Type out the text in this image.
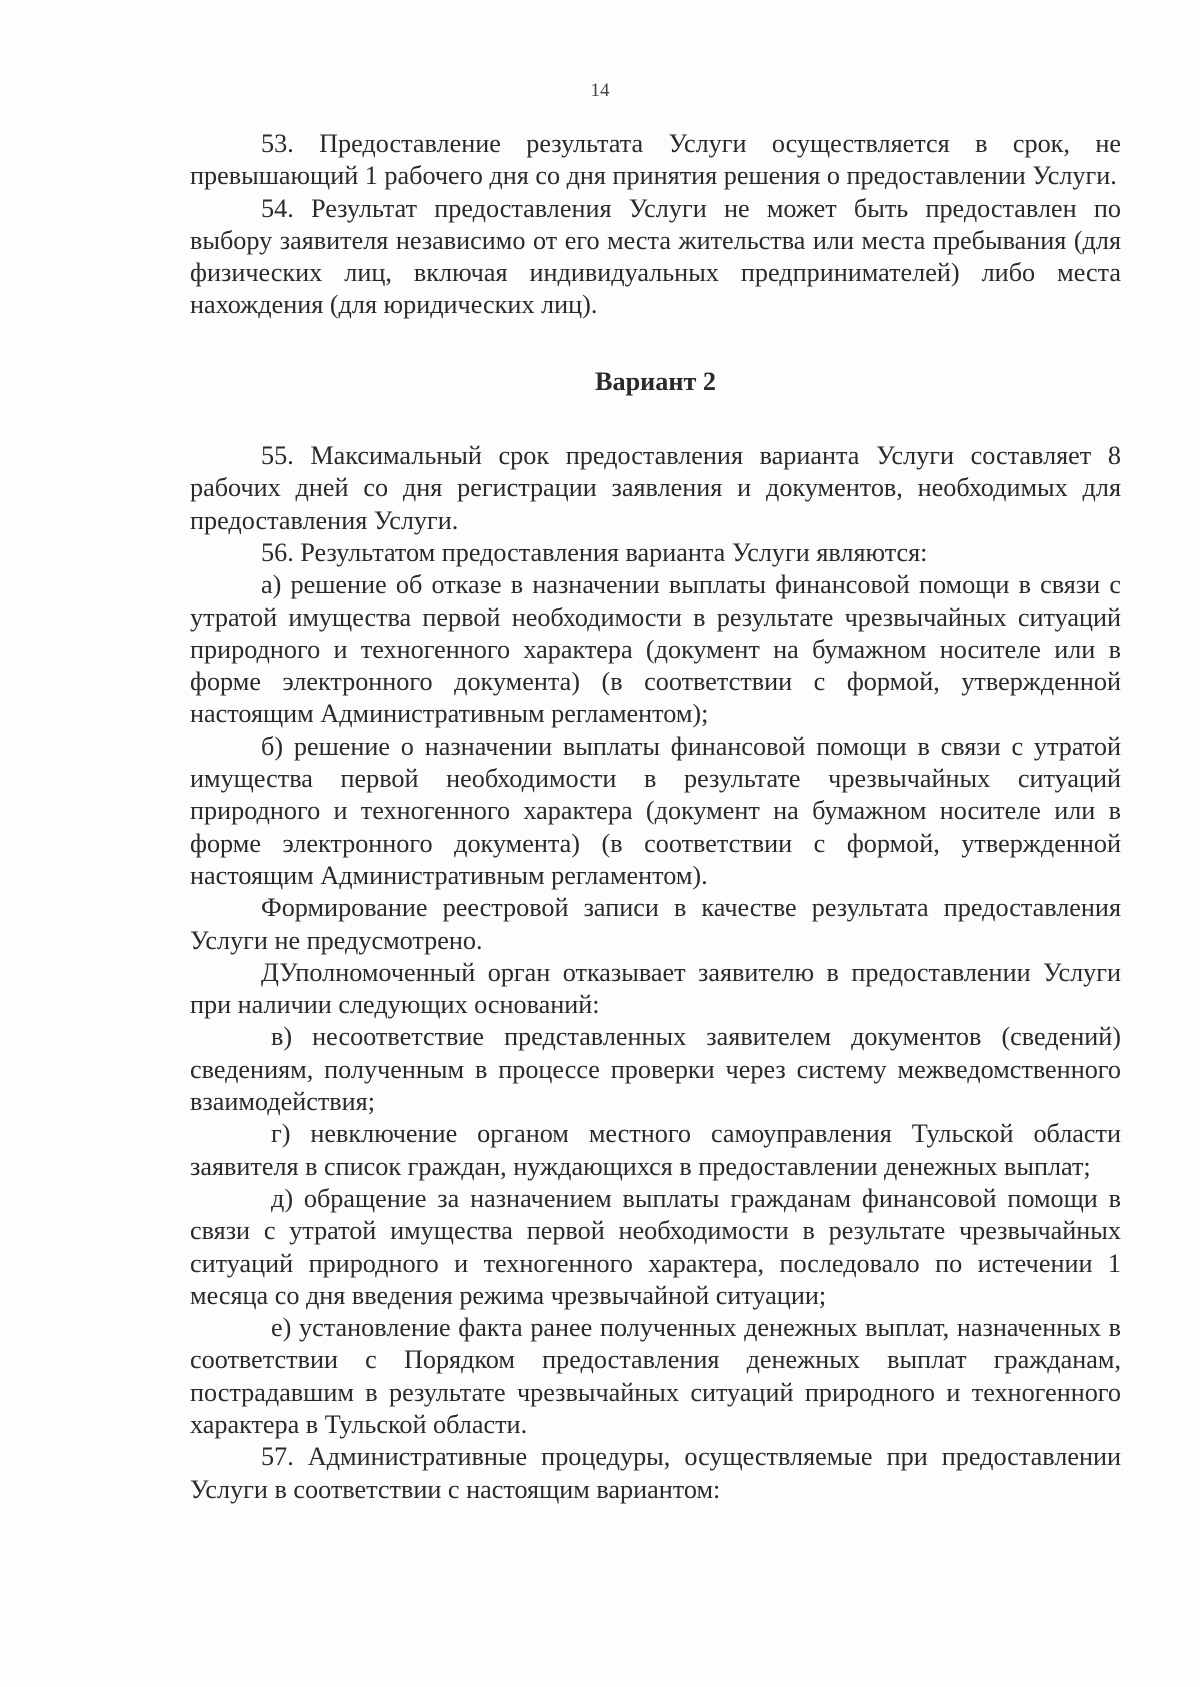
14

53. Предоставление результата Услуги осуществляется в срок, не превышающий 1 рабочего дня со дня принятия решения о предоставлении Услуги.

54. Результат предоставления Услуги не может быть предоставлен по выбору заявителя независимо от его места жительства или места пребывания (для физических лиц, включая индивидуальных предпринимателей) либо места нахождения (для юридических лиц).

Вариант 2

55. Максимальный срок предоставления варианта Услуги составляет 8 рабочих дней со дня регистрации заявления и документов, необходимых для предоставления Услуги.

56. Результатом предоставления варианта Услуги являются:

а) решение об отказе в назначении выплаты финансовой помощи в связи с утратой имущества первой необходимости в результате чрезвычайных ситуаций природного и техногенного характера (документ на бумажном носителе или в форме электронного документа) (в соответствии с формой, утвержденной настоящим Административным регламентом);

б) решение о назначении выплаты финансовой помощи в связи с утратой имущества первой необходимости в результате чрезвычайных ситуаций природного и техногенного характера (документ на бумажном носителе или в форме электронного документа) (в соответствии с формой, утвержденной настоящим Административным регламентом).

Формирование реестровой записи в качестве результата предоставления Услуги не предусмотрено.

ДУполномоченный орган отказывает заявителю в предоставлении Услуги при наличии следующих оснований:

в) несоответствие представленных заявителем документов (сведений) сведениям, полученным в процессе проверки через систему межведомственного взаимодействия;

г) невключение органом местного самоуправления Тульской области заявителя в список граждан, нуждающихся в предоставлении денежных выплат;

д) обращение за назначением выплаты гражданам финансовой помощи в связи с утратой имущества первой необходимости в результате чрезвычайных ситуаций природного и техногенного характера, последовало по истечении 1 месяца со дня введения режима чрезвычайной ситуации;

е) установление факта ранее полученных денежных выплат, назначенных в соответствии с Порядком предоставления денежных выплат гражданам, пострадавшим в результате чрезвычайных ситуаций природного и техногенного характера в Тульской области.

57. Административные процедуры, осуществляемые при предоставлении Услуги в соответствии с настоящим вариантом:
